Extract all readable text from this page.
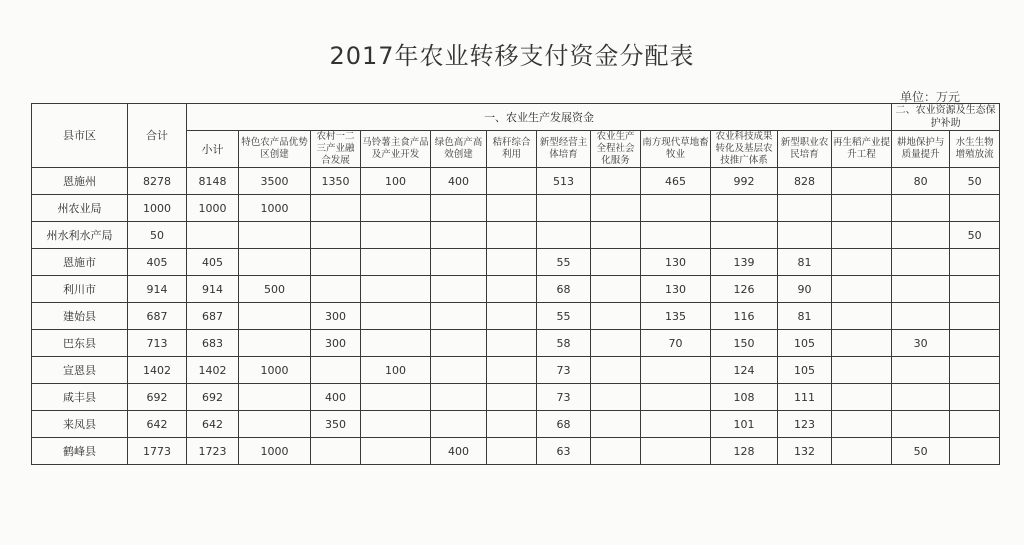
2017年农业转移支付资金分配表
单位：万元
县市区	合计	一、农业生产发展资金												二、农业资源及生态保护补助	
		小计	特色农产品优势区创建	农村一二三产业融合发展	马铃薯主食产品及产业开发	绿色高产高效创建	秸秆综合利用	新型经营主体培育	农业生产全程社会化服务	南方现代草地畜牧业	农业科技成果转化及基层农技推广体系	新型职业农民培育	再生稻产业提升工程	耕地保护与质量提升	水生生物增殖放流
恩施州	8278	8148	3500	1350	100	400		513		465	992	828		80	50
州农业局	1000	1000	1000												
州水利水产局	50														50
恩施市	405	405						55		130	139	81			
利川市	914	914	500					68		130	126	90			
建始县	687	687		300				55		135	116	81			
巴东县	713	683		300				58		70	150	105		30	
宣恩县	1402	1402	1000		100			73			124	105			
咸丰县	692	692		400				73			108	111			
来凤县	642	642		350				68			101	123			
鹤峰县	1773	1723	1000			400		63			128	132		50	
